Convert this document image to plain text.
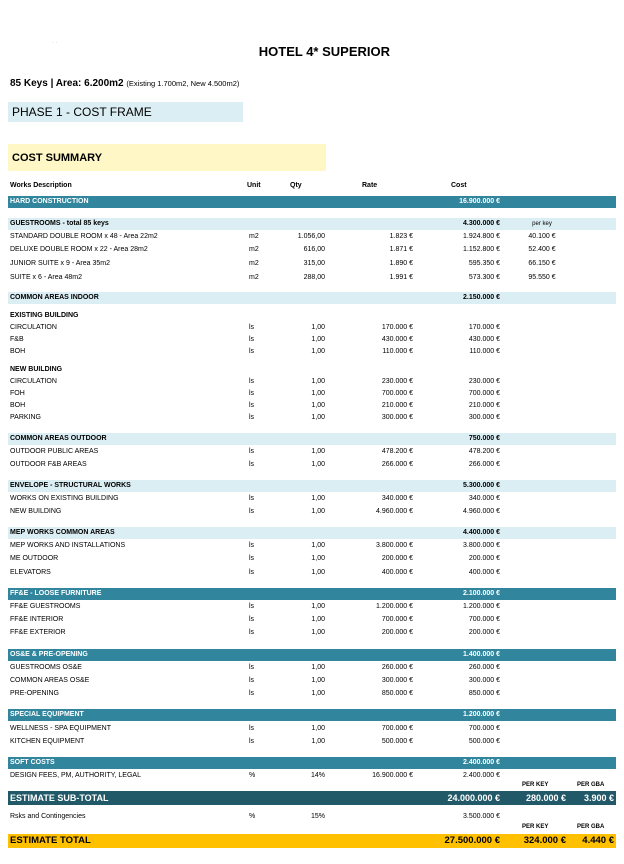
· ·
HOTEL 4* SUPERIOR
85 Keys | Area: 6.200m2 (Existing 1.700m2, New 4.500m2)
PHASE 1 - COST FRAME
COST SUMMARY
Works Description	Unit	Qty	Rate	Cost
HARD CONSTRUCTION	16.900.000 €
GUESTROOMS - total 85 keys	4.300.000 €	per key
STANDARD DOUBLE ROOM x 48 - Area 22m2	m2	1.056,00	1.823 €	1.924.800 €	40.100 €
DELUXE DOUBLE ROOM x 22 - Area 28m2	m2	616,00	1.871 €	1.152.800 €	52.400 €
JUNIOR SUITE x 9 - Area 35m2	m2	315,00	1.890 €	595.350 €	66.150 €
SUITE x 6 - Area 48m2	m2	288,00	1.991 €	573.300 €	95.550 €
COMMON AREAS INDOOR	2.150.000 €
EXISTING BUILDING
CIRCULATION	ls	1,00	170.000 €	170.000 €
F&B	ls	1,00	430.000 €	430.000 €
BOH	ls	1,00	110.000 €	110.000 €
NEW BUILDING
CIRCULATION	ls	1,00	230.000 €	230.000 €
FOH	ls	1,00	700.000 €	700.000 €
BOH	ls	1,00	210.000 €	210.000 €
PARKING	ls	1,00	300.000 €	300.000 €
COMMON AREAS OUTDOOR	750.000 €
OUTDOOR PUBLIC AREAS	ls	1,00	478.200 €	478.200 €
OUTDOOR F&B AREAS	ls	1,00	266.000 €	266.000 €
ENVELOPE - STRUCTURAL WORKS	5.300.000 €
WORKS ON EXISTING BUILDING	ls	1,00	340.000 €	340.000 €
NEW BUILDING	ls	1,00	4.960.000 €	4.960.000 €
MEP WORKS COMMON AREAS	4.400.000 €
MEP WORKS AND INSTALLATIONS	ls	1,00	3.800.000 €	3.800.000 €
ME OUTDOOR	ls	1,00	200.000 €	200.000 €
ELEVATORS	ls	1,00	400.000 €	400.000 €
FF&E - LOOSE FURNITURE	2.100.000 €
FF&E GUESTROOMS	ls	1,00	1.200.000 €	1.200.000 €
FF&E INTERIOR	ls	1,00	700.000 €	700.000 €
FF&E EXTERIOR	ls	1,00	200.000 €	200.000 €
OS&E & PRE-OPENING	1.400.000 €
GUESTROOMS OS&E	ls	1,00	260.000 €	260.000 €
COMMON AREAS OS&E	ls	1,00	300.000 €	300.000 €
PRE-OPENING	ls	1,00	850.000 €	850.000 €
SPECIAL EQUIPMENT	1.200.000 €
WELLNESS - SPA EQUIPMENT	ls	1,00	700.000 €	700.000 €
KITCHEN EQUIPMENT	ls	1,00	500.000 €	500.000 €
SOFT COSTS	2.400.000 €
DESIGN FEES, PM, AUTHORITY, LEGAL	%	14%	16.900.000 €	2.400.000 €
PER KEY	PER GBA
ESTIMATE SUB-TOTAL	24.000.000 €	280.000 €	3.900 €
Rsks and Contingencies	%	15%	3.500.000 €
PER KEY	PER GBA
ESTIMATE TOTAL	27.500.000 €	324.000 €	4.440 €
